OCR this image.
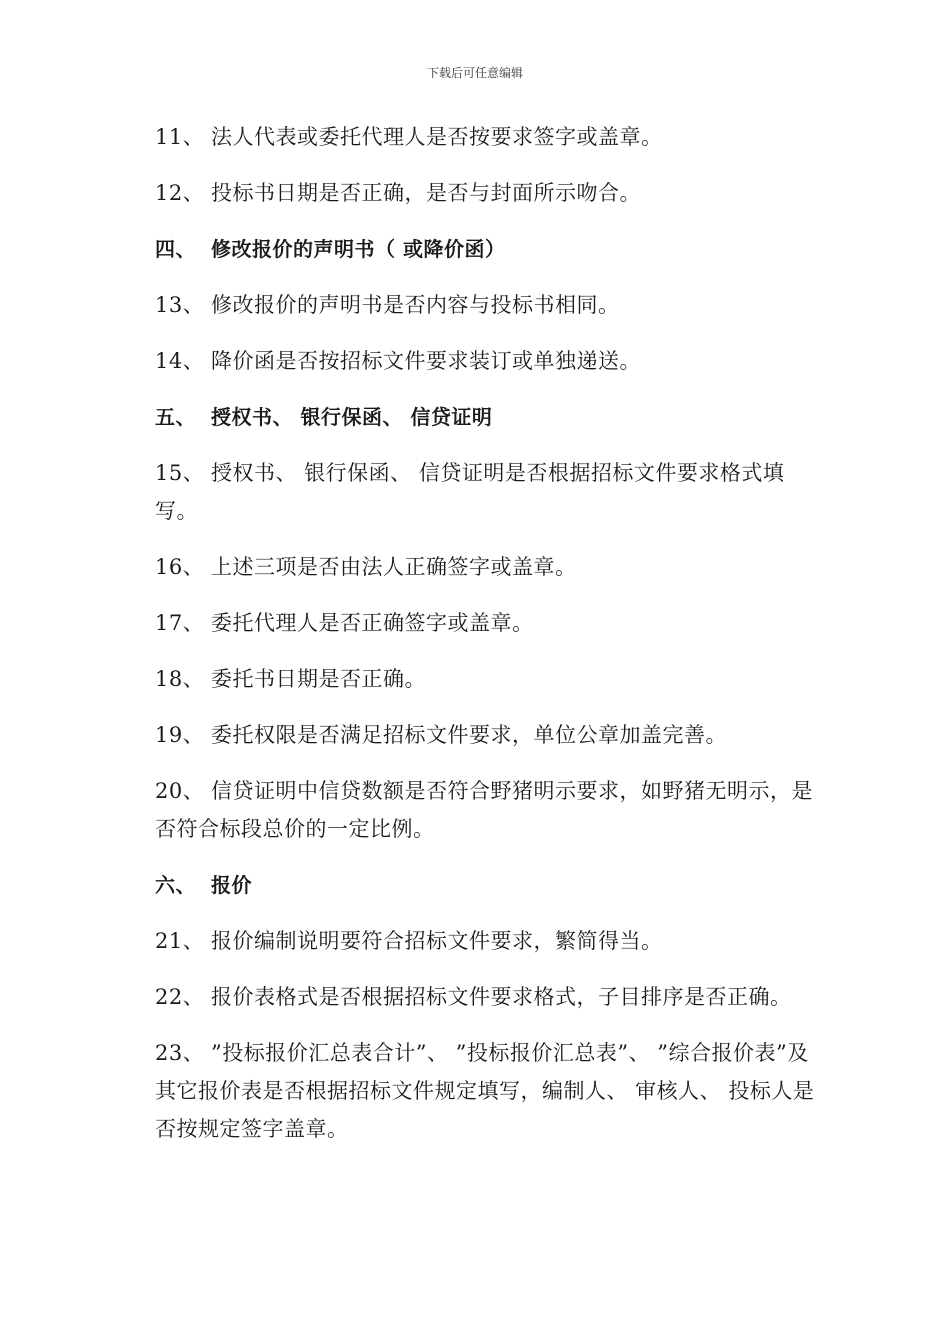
下载后可任意编辑
11、 法人代表或委托代理人是否按要求签字或盖章。
12、 投标书日期是否正确，是否与封面所示吻合。
四、 修改报价的声明书（ 或降价函）
13、 修改报价的声明书是否内容与投标书相同。
14、 降价函是否按招标文件要求装订或单独递送。
五、 授权书、 银行保函、 信贷证明
15、 授权书、 银行保函、 信贷证明是否根据招标文件要求格式填写。
16、 上述三项是否由法人正确签字或盖章。
17、 委托代理人是否正确签字或盖章。
18、 委托书日期是否正确。
19、 委托权限是否满足招标文件要求，单位公章加盖完善。
20、 信贷证明中信贷数额是否符合野猪明示要求，如野猪无明示，是否符合标段总价的一定比例。
六、 报价
21、 报价编制说明要符合招标文件要求，繁简得当。
22、 报价表格式是否根据招标文件要求格式，子目排序是否正确。
23、 ”投标报价汇总表合计”、 ”投标报价汇总表”、 ”综合报价表”及其它报价表是否根据招标文件规定填写，编制人、 审核人、 投标人是否按规定签字盖章。
